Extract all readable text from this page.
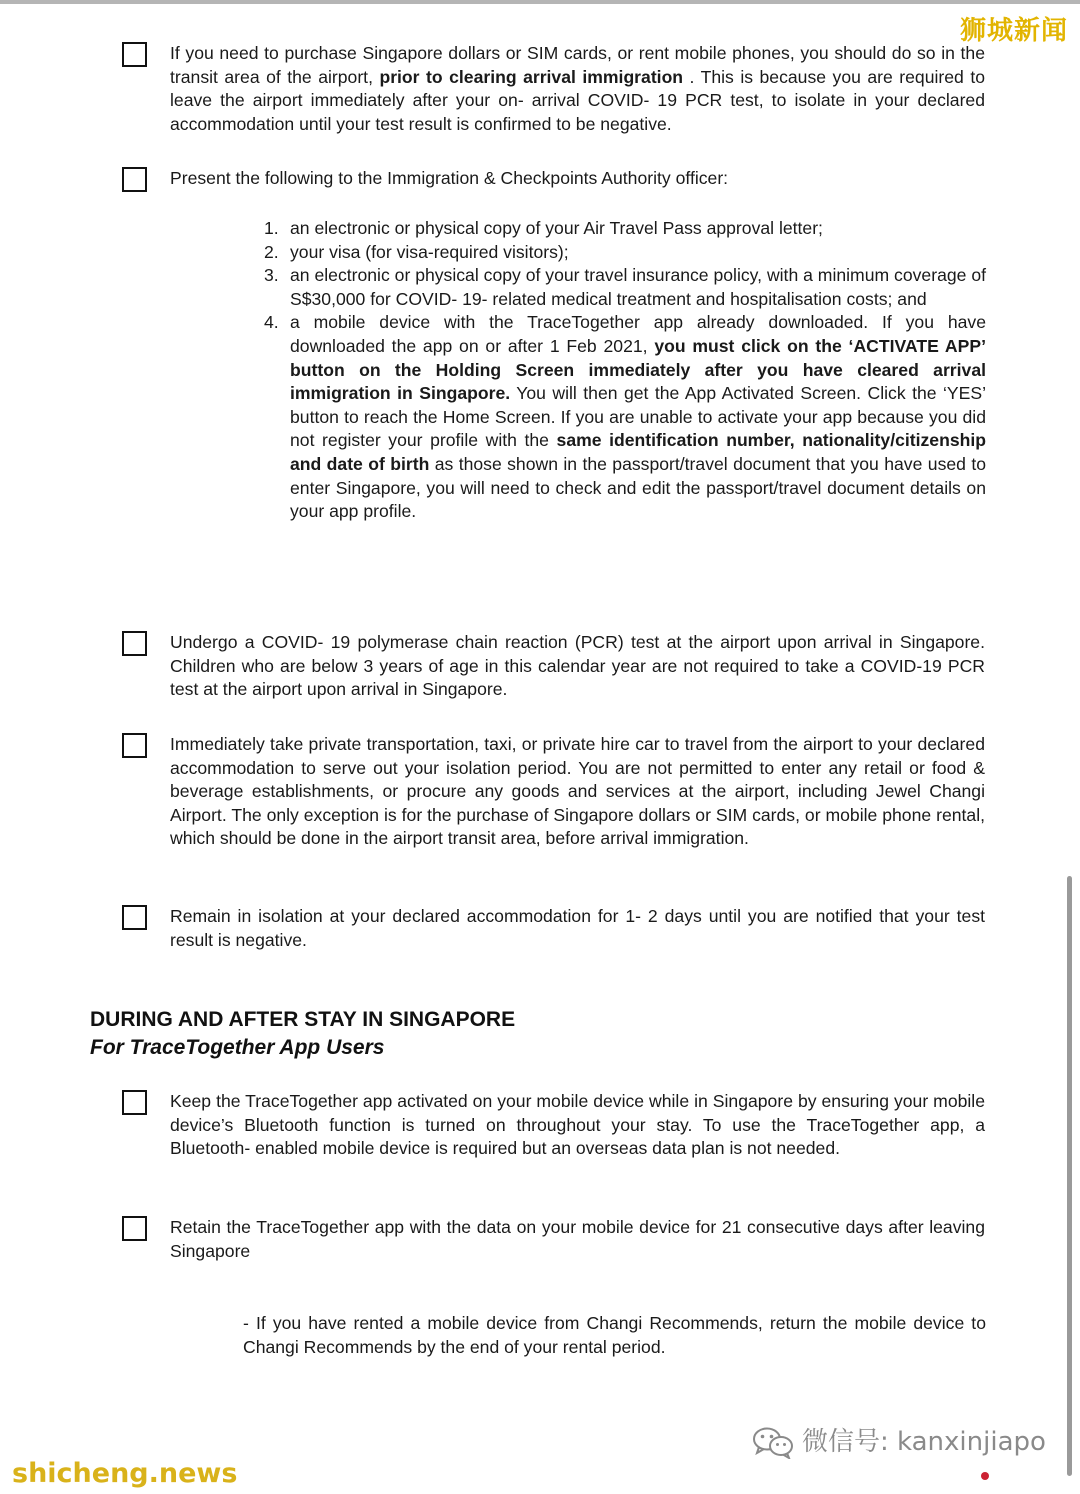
狮城新闻

If you need to purchase Singapore dollars or SIM cards, or rent mobile phones, you should do so in the transit area of the airport, prior to clearing arrival immigration . This is because you are required to leave the airport immediately after your on- arrival COVID- 19 PCR test, to isolate in your declared accommodation until your test result is confirmed to be negative.

Present the following to the Immigration & Checkpoints Authority officer:

1. an electronic or physical copy of your Air Travel Pass approval letter;
2. your visa (for visa-required visitors);
3. an electronic or physical copy of your travel insurance policy, with a minimum coverage of S$30,000 for COVID- 19- related medical treatment and hospitalisation costs; and
4. a mobile device with the TraceTogether app already downloaded. If you have downloaded the app on or after 1 Feb 2021, you must click on the ‘ACTIVATE APP’ button on the Holding Screen immediately after you have cleared arrival immigration in Singapore. You will then get the App Activated Screen. Click the ‘YES’ button to reach the Home Screen. If you are unable to activate your app because you did not register your profile with the same identification number, nationality/citizenship and date of birth as those shown in the passport/travel document that you have used to enter Singapore, you will need to check and edit the passport/travel document details on your app profile.

Undergo a COVID- 19 polymerase chain reaction (PCR) test at the airport upon arrival in Singapore. Children who are below 3 years of age in this calendar year are not required to take a COVID-19 PCR test at the airport upon arrival in Singapore.

Immediately take private transportation, taxi, or private hire car to travel from the airport to your declared accommodation to serve out your isolation period. You are not permitted to enter any retail or food & beverage establishments, or procure any goods and services at the airport, including Jewel Changi Airport. The only exception is for the purchase of Singapore dollars or SIM cards, or mobile phone rental, which should be done in the airport transit area, before arrival immigration.

Remain in isolation at your declared accommodation for 1- 2 days until you are notified that your test result is negative.

DURING AND AFTER STAY IN SINGAPORE
For TraceTogether App Users

Keep the TraceTogether app activated on your mobile device while in Singapore by ensuring your mobile device’s Bluetooth function is turned on throughout your stay. To use the TraceTogether app, a Bluetooth- enabled mobile device is required but an overseas data plan is not needed.

Retain the TraceTogether app with the data on your mobile device for 21 consecutive days after leaving Singapore

- If you have rented a mobile device from Changi Recommends, return the mobile device to Changi Recommends by the end of your rental period.

微信号: kanxinjiapo
shicheng.news
